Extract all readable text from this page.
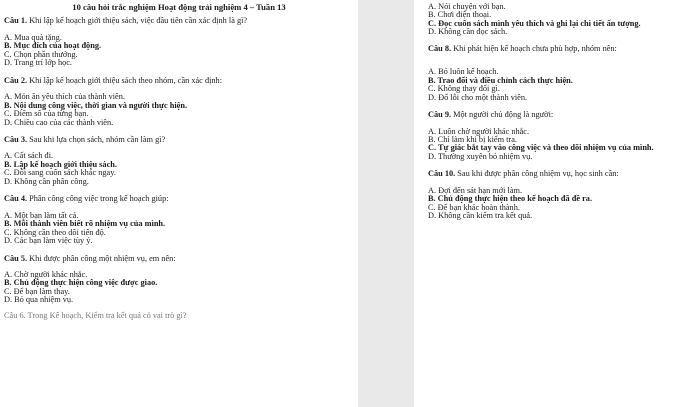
10 câu hỏi trắc nghiệm Hoạt động trải nghiệm 4 – Tuần 13
Câu 1. Khi lập kế hoạch giới thiệu sách, việc đầu tiên cần xác định là gì?
A. Mua quà tặng.
B. Mục đích của hoạt động.
C. Chọn phần thưởng.
D. Trang trí lớp học.
Câu 2. Khi lập kế hoạch giới thiệu sách theo nhóm, cần xác định:
A. Món ăn yêu thích của thành viên.
B. Nội dung công việc, thời gian và người thực hiện.
C. Điểm số của từng bạn.
D. Chiều cao của các thành viên.
Câu 3. Sau khi lựa chọn sách, nhóm cần làm gì?
A. Cất sách đi.
B. Lập kế hoạch giới thiệu sách.
C. Đổi sang cuốn sách khác ngay.
D. Không cần phân công.
Câu 4. Phân công công việc trong kế hoạch giúp:
A. Một bạn làm tất cả.
B. Mỗi thành viên biết rõ nhiệm vụ của mình.
C. Không cần theo dõi tiến độ.
D. Các bạn làm việc tùy ý.
Câu 5. Khi được phân công một nhiệm vụ, em nên:
A. Chờ người khác nhắc.
B. Chủ động thực hiện công việc được giao.
C. Để bạn làm thay.
D. Bỏ qua nhiệm vụ.
Câu 6. Trong Kế hoạch, Kiểm tra kết quả có vai trò gì?
A. Nói chuyện với bạn.
B. Chơi điện thoại.
C. Đọc cuốn sách mình yêu thích và ghi lại chi tiết ấn tượng.
D. Không cần đọc sách.
Câu 8. Khi phát hiện kế hoạch chưa phù hợp, nhóm nên:
A. Bỏ luôn kế hoạch.
B. Trao đổi và điều chỉnh cách thực hiện.
C. Không thay đổi gì.
D. Đổ lỗi cho một thành viên.
Câu 9. Một người chủ động là người:
A. Luôn chờ người khác nhắc.
B. Chỉ làm khi bị kiểm tra.
C. Tự giác bắt tay vào công việc và theo dõi nhiệm vụ của mình.
D. Thường xuyên bỏ nhiệm vụ.
Câu 10. Sau khi được phân công nhiệm vụ, học sinh cần:
A. Đợi đến sát hạn mới làm.
B. Chủ động thực hiện theo kế hoạch đã đề ra.
C. Để bạn khác hoàn thành.
D. Không cần kiểm tra kết quả.
